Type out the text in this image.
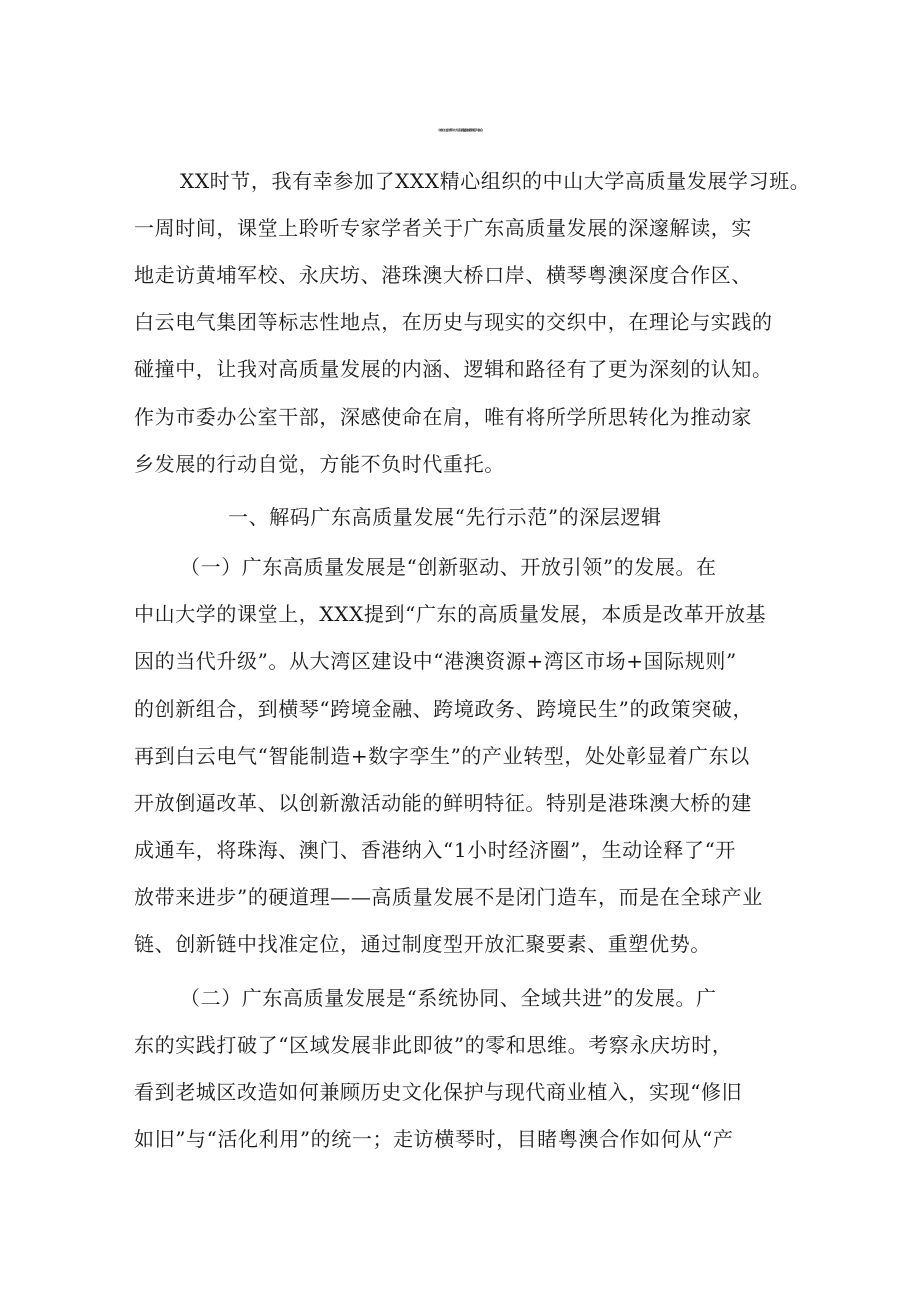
市委办公室干部中山大学高质量发展培训班学习体会
XX时节，我有幸参加了XXX精心组织的中山大学高质量发展学习班。
一周时间，课堂上聆听专家学者关于广东高质量发展的深邃解读，实
地走访黄埔军校、永庆坊、港珠澳大桥口岸、横琴粤澳深度合作区、
白云电气集团等标志性地点，在历史与现实的交织中，在理论与实践的
碰撞中，让我对高质量发展的内涵、逻辑和路径有了更为深刻的认知。
作为市委办公室干部，深感使命在肩，唯有将所学所思转化为推动家
乡发展的行动自觉，方能不负时代重托。
一、解码广东高质量发展“先行示范”的深层逻辑
（一）广东高质量发展是“创新驱动、开放引领”的发展。在
中山大学的课堂上，XXX提到“广东的高质量发展，本质是改革开放基
因的当代升级”。从大湾区建设中“港澳资源+湾区市场+国际规则”
的创新组合，到横琴“跨境金融、跨境政务、跨境民生”的政策突破，
再到白云电气“智能制造+数字孪生”的产业转型，处处彰显着广东以
开放倒逼改革、以创新激活动能的鲜明特征。特别是港珠澳大桥的建
成通车，将珠海、澳门、香港纳入“1小时经济圈”，生动诠释了“开
放带来进步”的硬道理——高质量发展不是闭门造车，而是在全球产业
链、创新链中找准定位，通过制度型开放汇聚要素、重塑优势。
（二）广东高质量发展是“系统协同、全域共进”的发展。广
东的实践打破了“区域发展非此即彼”的零和思维。考察永庆坊时，
看到老城区改造如何兼顾历史文化保护与现代商业植入，实现“修旧
如旧”与“活化利用”的统一；走访横琴时，目睹粤澳合作如何从“产
